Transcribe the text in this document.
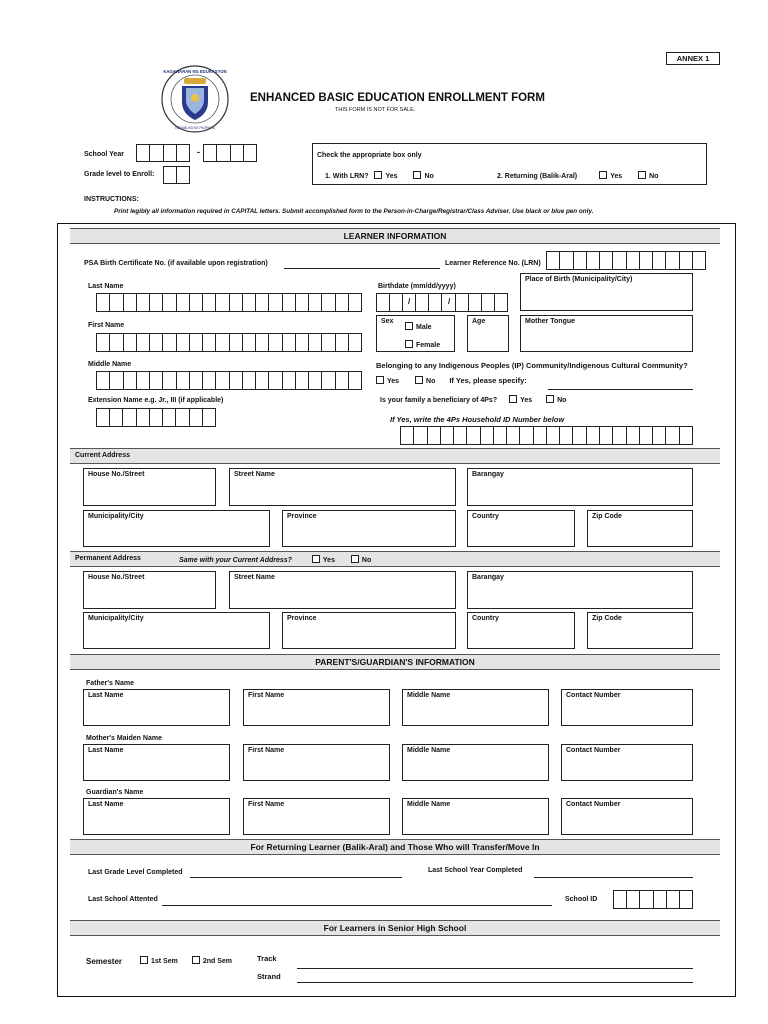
ANNEX 1
KAGAWARAN NG EDUKASYON
REPUBLIKA NG PILIPINAS
ENHANCED BASIC EDUCATION ENROLLMENT FORM
THIS FORM IS NOT FOR SALE.
School Year	-
Grade level to Enroll:
Check the appropriate box only
1. With LRN? Yes	No	2. Returning (Balik-Aral)	Yes	No
INSTRUCTIONS:
Print legibly all information required in CAPITAL letters. Submit accomplished form to the Person-in-Charge/Registrar/Class Adviser. Use black or blue pen only.
LEARNER INFORMATION
PSA Birth Certificate No. (if available upon registration)	Learner Reference No. (LRN)
Last Name	Birthdate (mm/dd/yyyy)
/	/
Place of Birth (Municipality/City)
First Name
Sex
Male
Female
Age	Mother Tongue
Middle Name	Belonging to any Indigenous Peoples (IP) Community/Indigenous Cultural Community?
Yes	No If Yes, please specify:
Extension Name e.g. Jr., III (if applicable)	Is your family a beneficiary of 4Ps?	Yes	No
If Yes, write the 4Ps Household ID Number below
Current Address
House No./Street	Street Name	Barangay
Municipality/City	Province	Country	Zip Code
Permanent Address	Same with your Current Address?	Yes	No
House No./Street	Street Name	Barangay
Municipality/City	Province	Country	Zip Code
PARENT'S/GUARDIAN'S INFORMATION
Father's Name
Last Name	First Name	Middle Name	Contact Number
Mother's Maiden Name
Last Name	First Name	Middle Name	Contact Number
Guardian's Name
Last Name	First Name	Middle Name	Contact Number
For Returning Learner (Balik-Aral) and Those Who will Transfer/Move In
Last Grade Level Completed	Last School Year Completed
Last School Attented	School ID
For Learners in Senior High School
Semester	1st Sem	2nd Sem	Track
Strand
